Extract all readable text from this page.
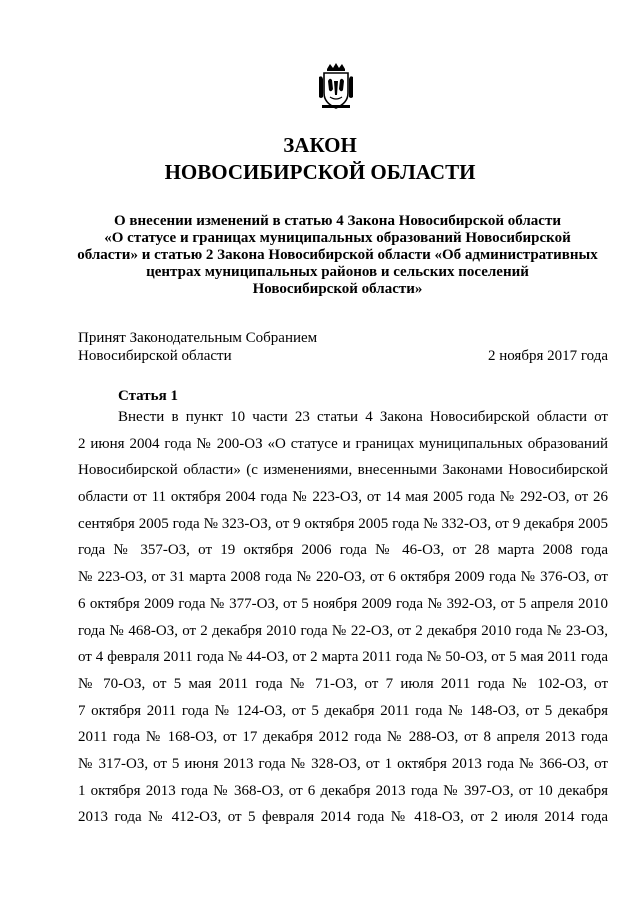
ЗАКОН
НОВОСИБИРСКОЙ ОБЛАСТИ
О внесении изменений в статью 4 Закона Новосибирской области
«О статусе и границах муниципальных образований Новосибирской
области» и статью 2 Закона Новосибирской области «Об административных
центрах муниципальных районов и сельских поселений
Новосибирской области»
Принят Законодательным Собранием
Новосибирской области	2 ноября 2017 года
Статья 1
Внести в пункт 10 части 23 статьи 4 Закона Новосибирской области от
2 июня 2004 года № 200-ОЗ «О статусе и границах муниципальных образований
Новосибирской области» (с изменениями, внесенными Законами Новосибирской
области от 11 октября 2004 года № 223-ОЗ, от 14 мая 2005 года № 292-ОЗ, от 26
сентября 2005 года № 323-ОЗ, от 9 октября 2005 года № 332-ОЗ, от 9 декабря 2005
года № 357-ОЗ, от 19 октября 2006 года № 46-ОЗ, от 28 марта 2008 года
№ 223-ОЗ, от 31 марта 2008 года № 220-ОЗ, от 6 октября 2009 года № 376-ОЗ, от
6 октября 2009 года № 377-ОЗ, от 5 ноября 2009 года № 392-ОЗ, от 5 апреля 2010
года № 468-ОЗ, от 2 декабря 2010 года № 22-ОЗ, от 2 декабря 2010 года № 23-ОЗ,
от 4 февраля 2011 года № 44-ОЗ, от 2 марта 2011 года № 50-ОЗ, от 5 мая 2011 года
№ 70-ОЗ, от 5 мая 2011 года № 71-ОЗ, от 7 июля 2011 года № 102-ОЗ, от
7 октября 2011 года № 124-ОЗ, от 5 декабря 2011 года № 148-ОЗ, от 5 декабря
2011 года № 168-ОЗ, от 17 декабря 2012 года № 288-ОЗ, от 8 апреля 2013 года
№ 317-ОЗ, от 5 июня 2013 года № 328-ОЗ, от 1 октября 2013 года № 366-ОЗ, от
1 октября 2013 года № 368-ОЗ, от 6 декабря 2013 года № 397-ОЗ, от 10 декабря
2013 года № 412-ОЗ, от 5 февраля 2014 года № 418-ОЗ, от 2 июля 2014 года
